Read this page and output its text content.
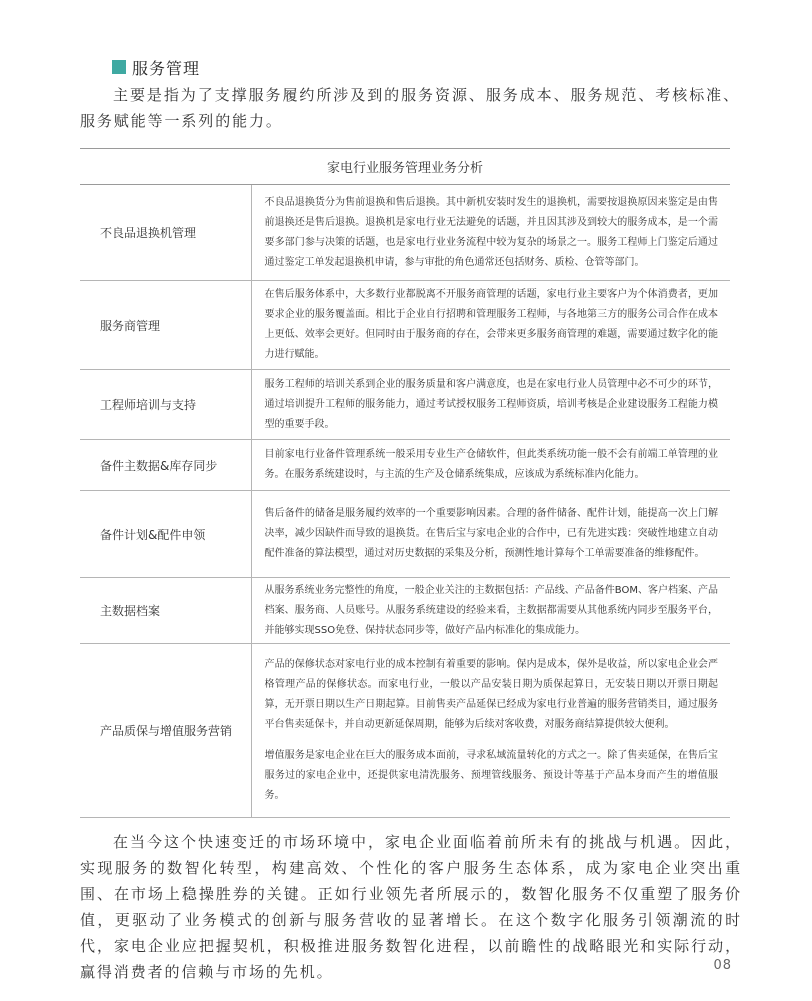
服务管理

主要是指为了支撑服务履约所涉及到的服务资源、服务成本、服务规范、考核标准、服务赋能等一系列的能力。

家电行业服务管理业务分析	
不良品退换机管理	不良品退换货分为售前退换和售后退换。其中新机安装时发生的退换机，需要按退换原因来鉴定是由售前退换还是售后退换。退换机是家电行业无法避免的话题，并且因其涉及到较大的服务成本，是一个需要多部门参与决策的话题，也是家电行业业务流程中较为复杂的场景之一。服务工程师上门鉴定后通过通过鉴定工单发起退换机申请，参与审批的角色通常还包括财务、质检、仓管等部门。

服务商管理	在售后服务体系中，大多数行业都脱离不开服务商管理的话题，家电行业主要客户为个体消费者，更加要求企业的服务覆盖面。相比于企业自行招聘和管理服务工程师，与各地第三方的服务公司合作在成本上更低、效率会更好。但同时由于服务商的存在，会带来更多服务商管理的难题，需要通过数字化的能力进行赋能。

工程师培训与支持	服务工程师的培训关系到企业的服务质量和客户满意度，也是在家电行业人员管理中必不可少的环节，通过培训提升工程师的服务能力，通过考试授权服务工程师资质，培训考核是企业建设服务工程能力模型的重要手段。

备件主数据&库存同步	目前家电行业备件管理系统一般采用专业生产仓储软件，但此类系统功能一般不会有前端工单管理的业务。在服务系统建设时，与主流的生产及仓储系统集成，应该成为系统标准内化能力。

备件计划&配件申领	售后备件的储备是服务履约效率的一个重要影响因素。合理的备件储备、配件计划，能提高一次上门解决率，减少因缺件而导致的退换货。在售后宝与家电企业的合作中，已有先进实践：突破性地建立自动配件准备的算法模型，通过对历史数据的采集及分析，预测性地计算每个工单需要准备的维修配件。

主数据档案	从服务系统业务完整性的角度，一般企业关注的主数据包括：产品线、产品备件BOM、客户档案、产品档案、服务商、人员账号。从服务系统建设的经验来看，主数据都需要从其他系统内同步至服务平台，并能够实现SSO免登、保持状态同步等，做好产品内标准化的集成能力。

产品质保与增值服务营销	产品的保修状态对家电行业的成本控制有着重要的影响。保内是成本，保外是收益，所以家电企业会严格管理产品的保修状态。而家电行业，一般以产品安装日期为质保起算日，无安装日期以开票日期起算，无开票日期以生产日期起算。目前售卖产品延保已经成为家电行业普遍的服务营销类目，通过服务平台售卖延保卡，并自动更新延保周期，能够为后续对客收费，对服务商结算提供较大便利。

增值服务是家电企业在巨大的服务成本面前，寻求私域流量转化的方式之一。除了售卖延保，在售后宝服务过的家电企业中，还提供家电清洗服务、预埋管线服务、预设计等基于产品本身而产生的增值服务。

在当今这个快速变迁的市场环境中，家电企业面临着前所未有的挑战与机遇。因此，实现服务的数智化转型，构建高效、个性化的客户服务生态体系，成为家电企业突出重围、在市场上稳操胜券的关键。正如行业领先者所展示的，数智化服务不仅重塑了服务价值，更驱动了业务模式的创新与服务营收的显著增长。在这个数字化服务引领潮流的时代，家电企业应把握契机，积极推进服务数智化进程，以前瞻性的战略眼光和实际行动，赢得消费者的信赖与市场的先机。	08
